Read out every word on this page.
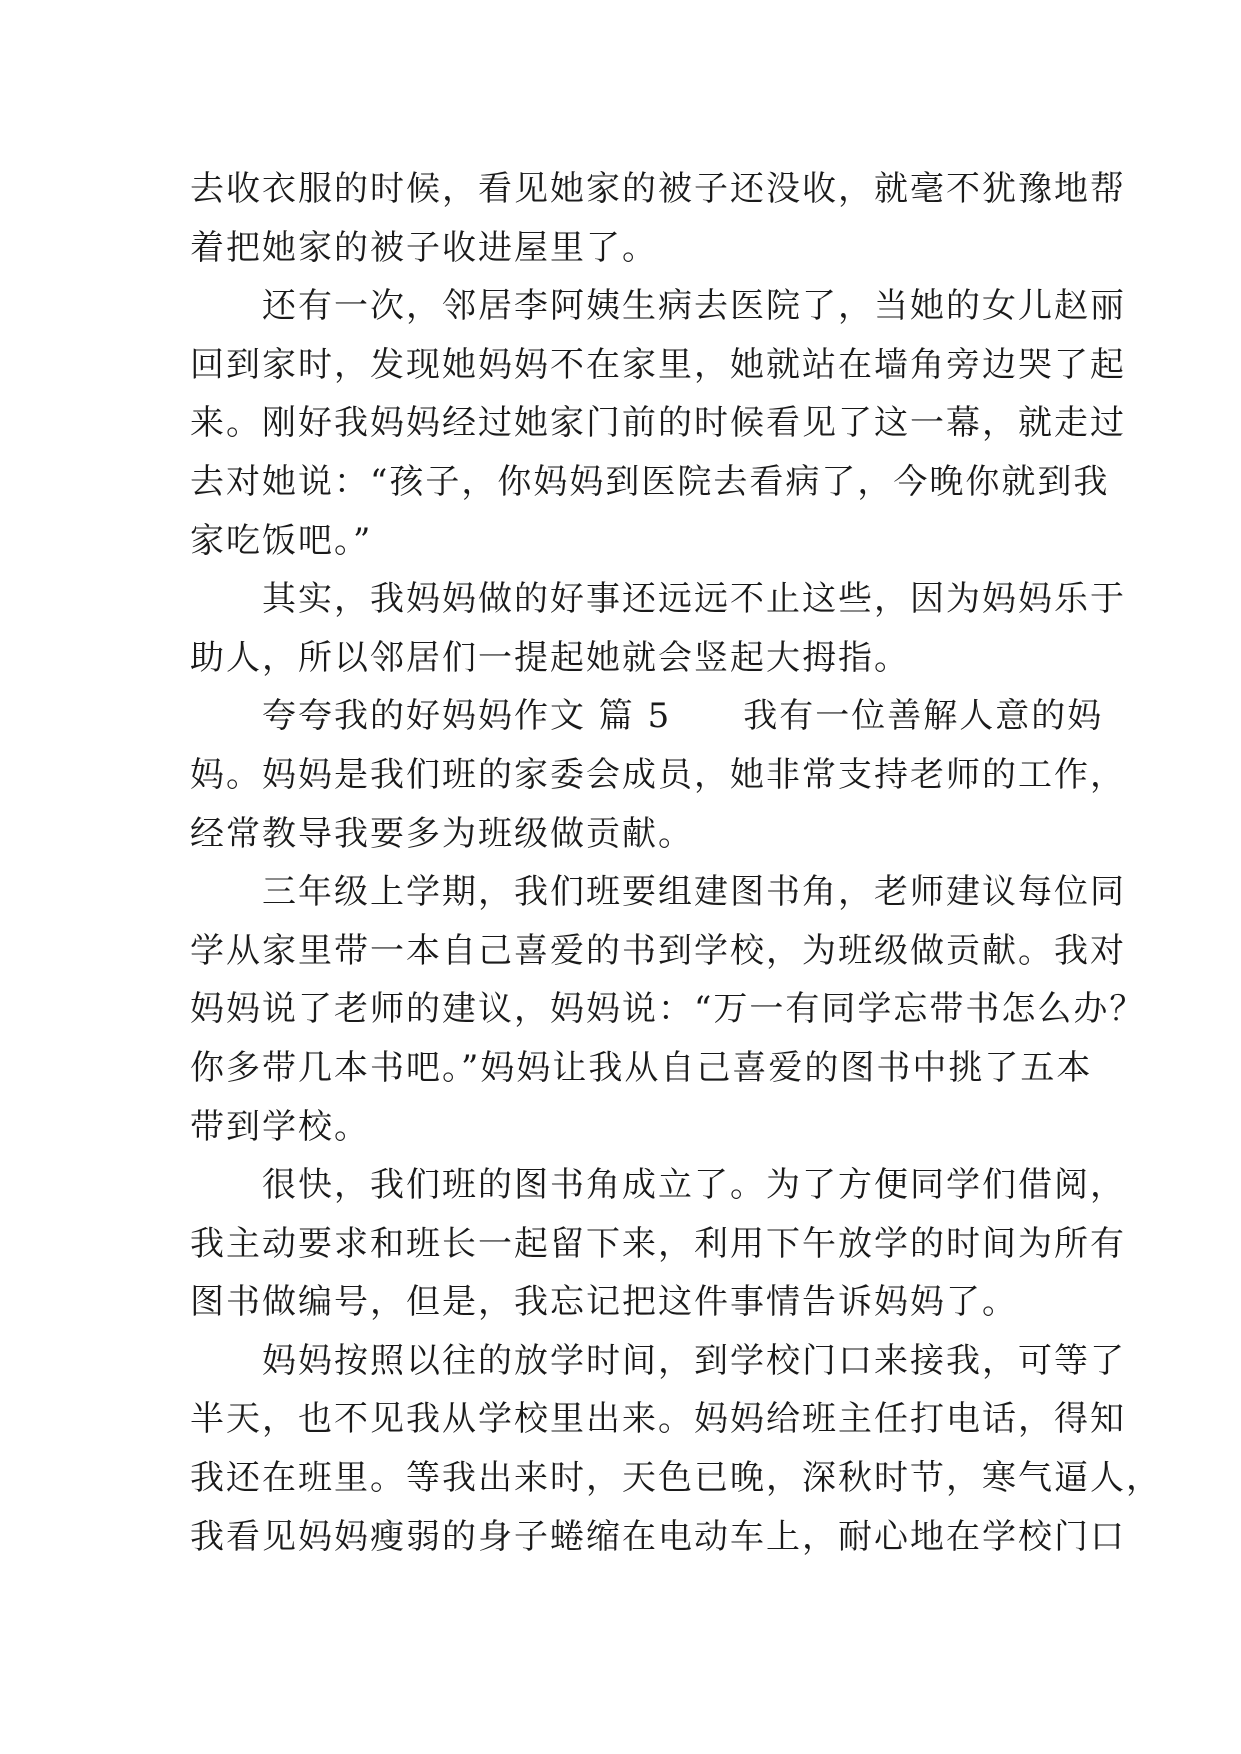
去收衣服的时候，看见她家的被子还没收，就毫不犹豫地帮
着把她家的被子收进屋里了。
　　还有一次，邻居李阿姨生病去医院了，当她的女儿赵丽
回到家时，发现她妈妈不在家里，她就站在墙角旁边哭了起
来。刚好我妈妈经过她家门前的时候看见了这一幕，就走过
去对她说：“孩子，你妈妈到医院去看病了，今晚你就到我
家吃饭吧。”
　　其实，我妈妈做的好事还远远不止这些，因为妈妈乐于
助人，所以邻居们一提起她就会竖起大拇指。
　　夸夸我的好妈妈作文 篇 5　　我有一位善解人意的妈
妈。妈妈是我们班的家委会成员，她非常支持老师的工作，
经常教导我要多为班级做贡献。
　　三年级上学期，我们班要组建图书角，老师建议每位同
学从家里带一本自己喜爱的书到学校，为班级做贡献。我对
妈妈说了老师的建议，妈妈说：“万一有同学忘带书怎么办？
你多带几本书吧。”妈妈让我从自己喜爱的图书中挑了五本
带到学校。
　　很快，我们班的图书角成立了。为了方便同学们借阅，
我主动要求和班长一起留下来，利用下午放学的时间为所有
图书做编号，但是，我忘记把这件事情告诉妈妈了。
　　妈妈按照以往的放学时间，到学校门口来接我，可等了
半天，也不见我从学校里出来。妈妈给班主任打电话，得知
我还在班里。等我出来时，天色已晚，深秋时节，寒气逼人，
我看见妈妈瘦弱的身子蜷缩在电动车上，耐心地在学校门口
